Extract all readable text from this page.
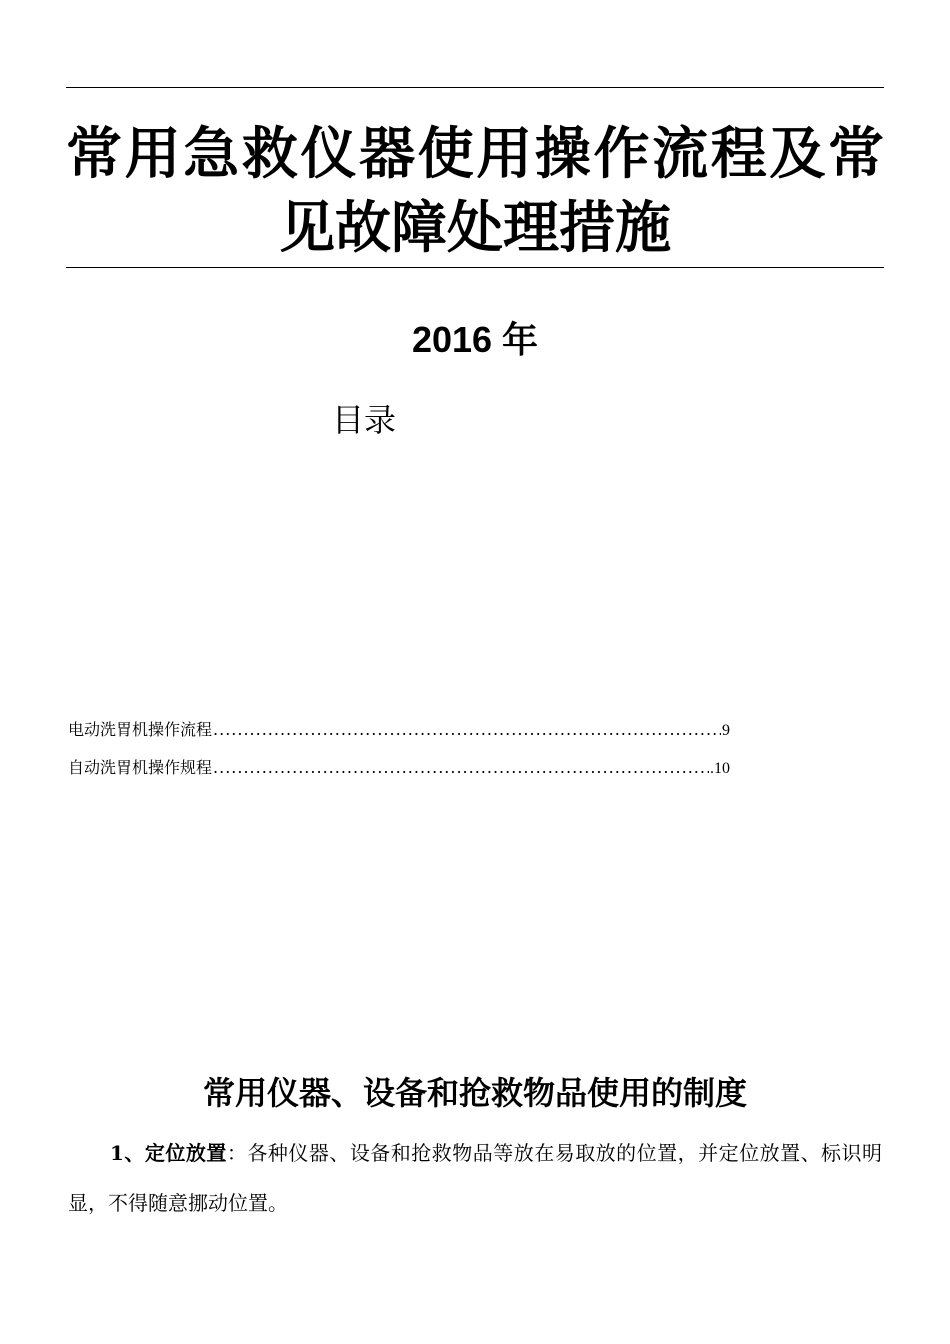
常用急救仪器使用操作流程及常见故障处理措施
2016 年
目录
电动洗胃机操作流程 .....	9
自动洗胃机操作规程 .....	.10
常用仪器、设备和抢救物品使用的制度

1、定位放置：各种仪器、设备和抢救物品等放在易取放的位置，并定位放置、标识明显，不得随意挪动位置。
